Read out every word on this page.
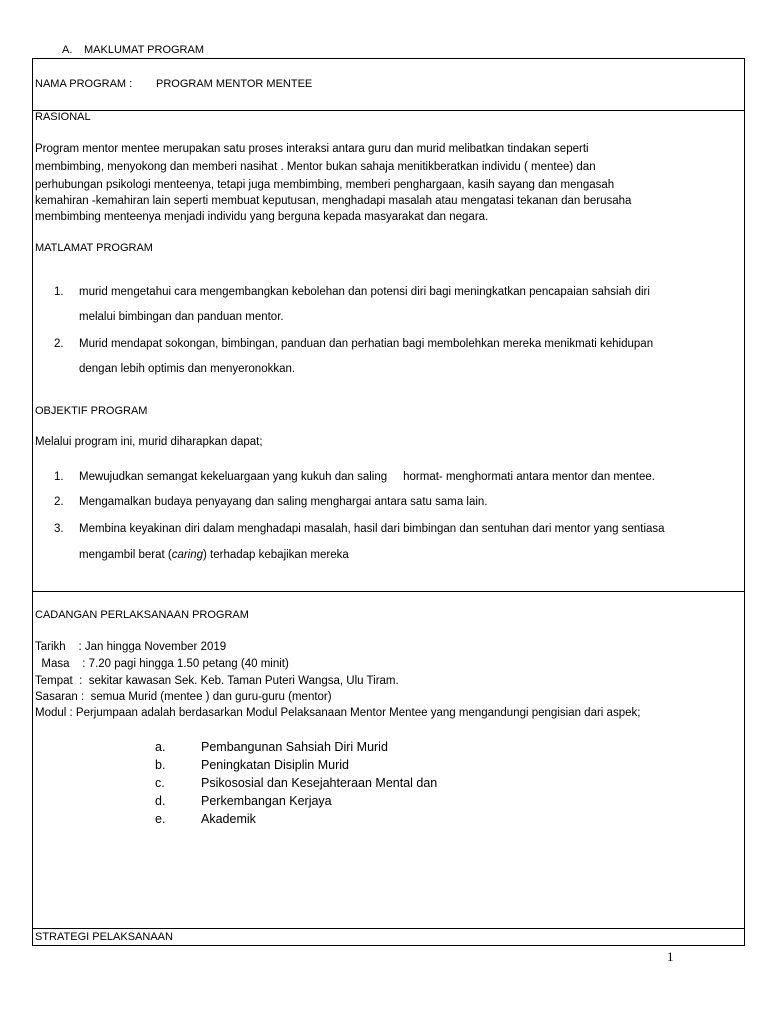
A. MAKLUMAT PROGRAM
NAMA PROGRAM : PROGRAM MENTOR MENTEE
RASIONAL
Program mentor mentee merupakan satu proses interaksi antara guru dan murid melibatkan tindakan seperti
membimbing, menyokong dan memberi nasihat . Mentor bukan sahaja menitikberatkan individu ( mentee) dan
perhubungan psikologi menteenya, tetapi juga membimbing, memberi penghargaan, kasih sayang dan mengasah
kemahiran -kemahiran lain seperti membuat keputusan, menghadapi masalah atau mengatasi tekanan dan berusaha
membimbing menteenya menjadi individu yang berguna kepada masyarakat dan negara.
MATLAMAT PROGRAM
1. murid mengetahui cara mengembangkan kebolehan dan potensi diri bagi meningkatkan pencapaian sahsiah diri
melalui bimbingan dan panduan mentor.
2. Murid mendapat sokongan, bimbingan, panduan dan perhatian bagi membolehkan mereka menikmati kehidupan
dengan lebih optimis dan menyeronokkan.
OBJEKTIF PROGRAM
Melalui program ini, murid diharapkan dapat;
1. Mewujudkan semangat kekeluargaan yang kukuh dan saling     hormat- menghormati antara mentor dan mentee.
2. Mengamalkan budaya penyayang dan saling menghargai antara satu sama lain.
3. Membina keyakinan diri dalam menghadapi masalah, hasil dari bimbingan dan sentuhan dari mentor yang sentiasa
mengambil berat (caring) terhadap kebajikan mereka
CADANGAN PERLAKSANAAN PROGRAM
Tarikh    : Jan hingga November 2019
Masa    : 7.20 pagi hingga 1.50 petang (40 minit)
Tempat  :  sekitar kawasan Sek. Keb. Taman Puteri Wangsa, Ulu Tiram.
Sasaran :  semua Murid (mentee ) dan guru-guru (mentor)
Modul : Perjumpaan adalah berdasarkan Modul Pelaksanaan Mentor Mentee yang mengandungi pengisian dari aspek;
a.	Pembangunan Sahsiah Diri Murid
b.	Peningkatan Disiplin Murid
c.	Psikososial dan Kesejahteraan Mental dan
d.	Perkembangan Kerjaya
e.	Akademik
STRATEGI PELAKSANAAN
1
